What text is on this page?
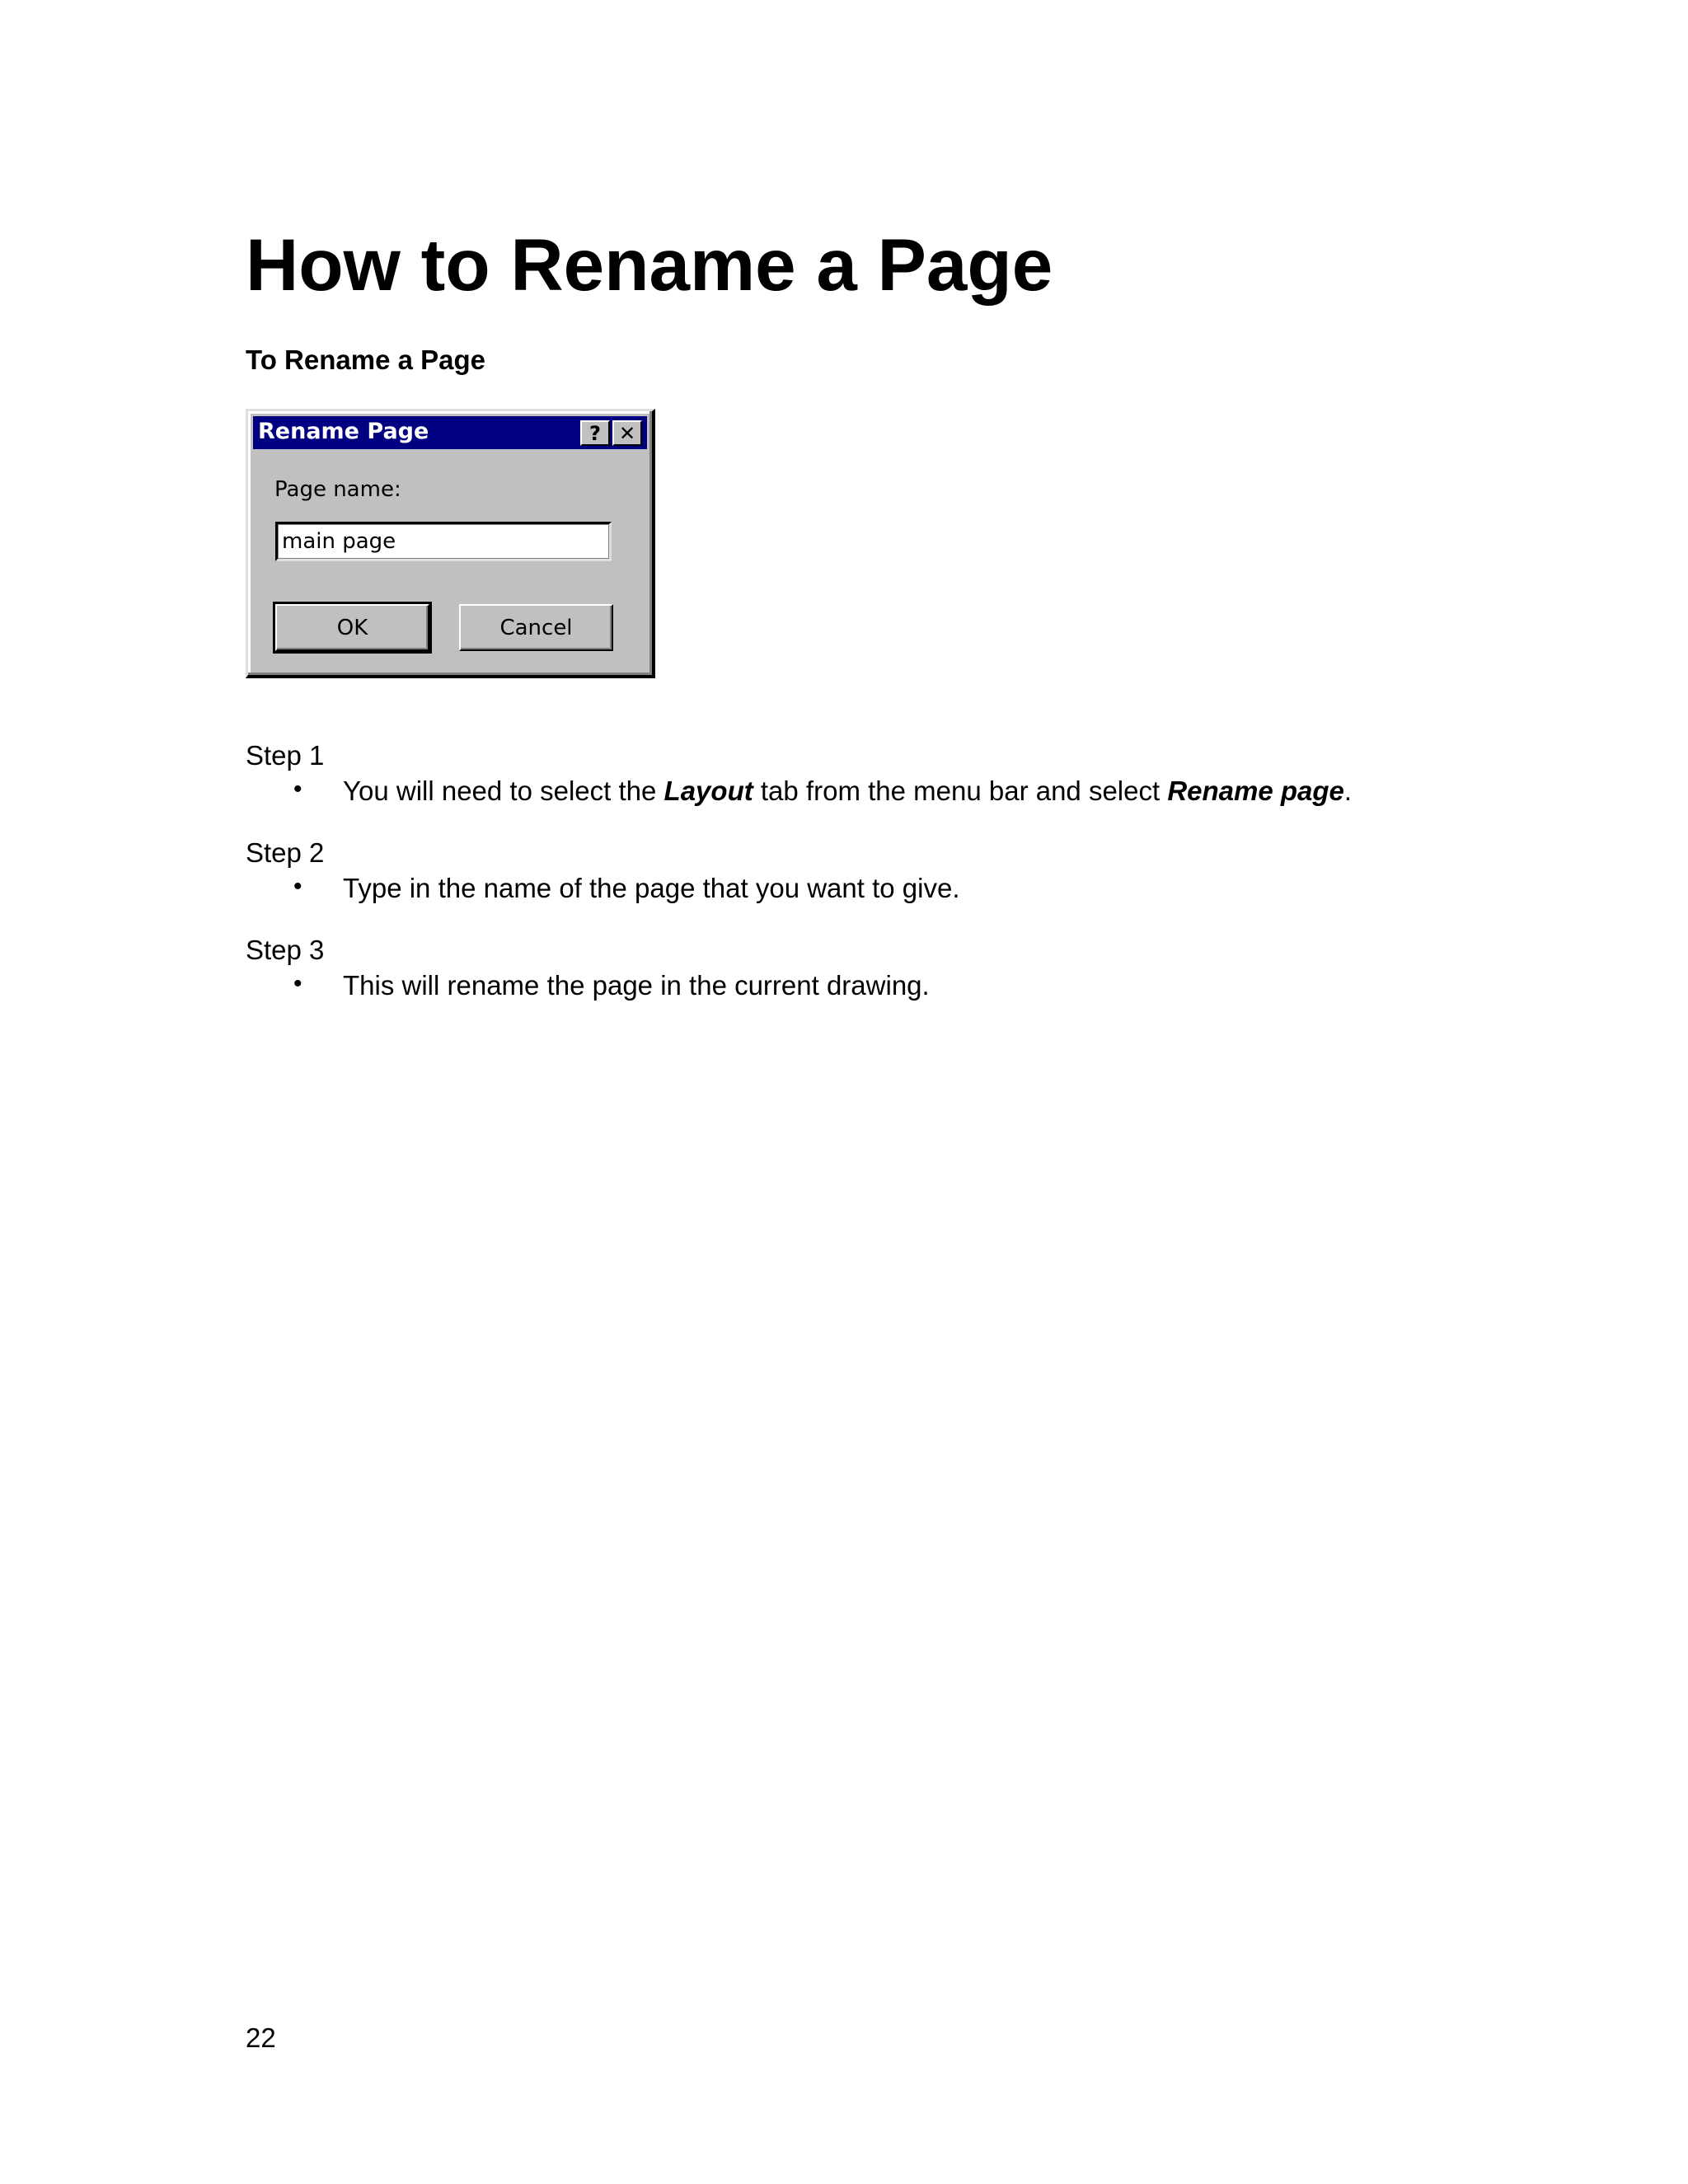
How to Rename a Page
To Rename a Page
Rename Page	? ✕
Page name:
main page
OK	Cancel
Step 1
• You will need to select the Layout tab from the menu bar and select Rename page.
Step 2
• Type in the name of the page that you want to give.
Step 3
• This will rename the page in the current drawing.
22
